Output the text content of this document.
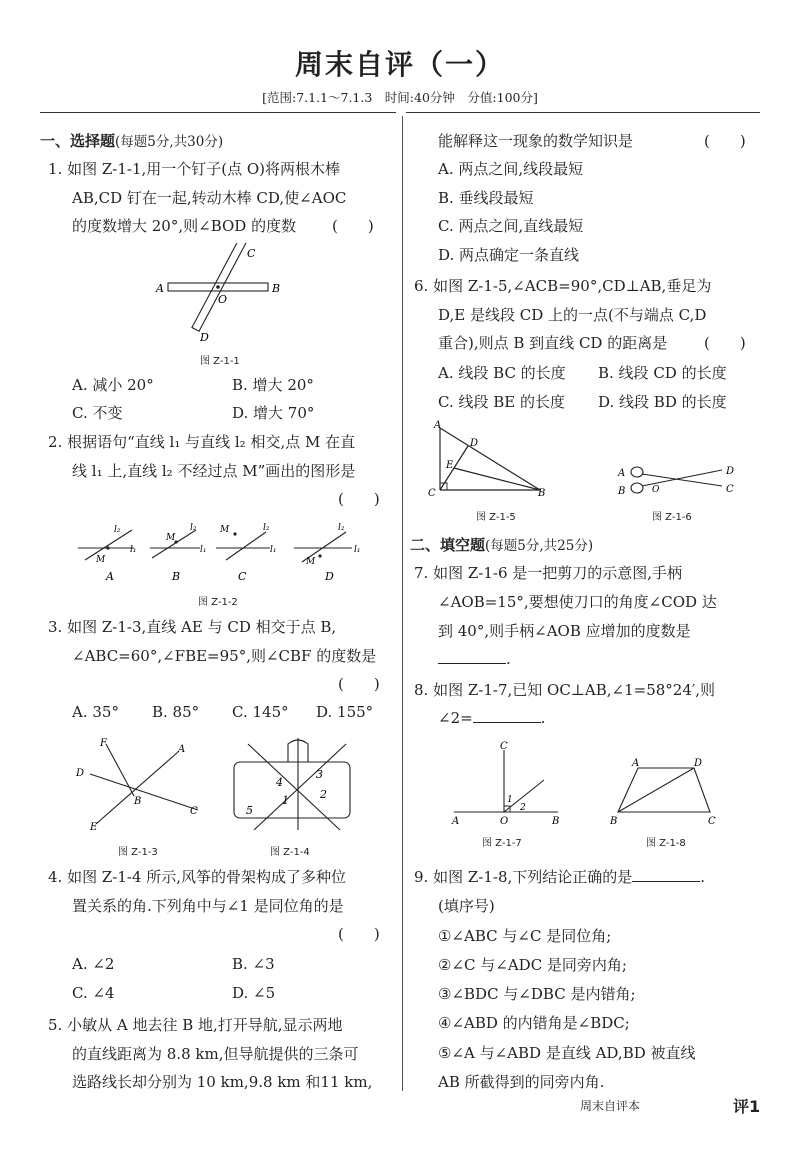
周末自评（一）
[范围:7.1.1～7.1.3　时间:40分钟　分值:100分]
一、选择题(每题5分,共30分)
1. 如图 Z-1-1,用一个钉子(点 O)将两根木棒
AB,CD 钉在一起,转动木棒 CD,使∠AOC
的度数增大 20°,则∠BOD 的度数 (　　)
A	B
C
D
O
图 Z-1-1
A. 减小 20°	B. 增大 20°
C. 不变	D. 增大 70°
2. 根据语句“直线 l₁ 与直线 l₂ 相交,点 M 在直
线 l₁ 上,直线 l₂ 不经过点 M”画出的图形是
(　　)
l₂
l₁
M
A
l₂
l₁
M
B
M	l₂
l₁
C
l₂
l₁
M
D
图 Z-1-2
3. 如图 Z-1-3,直线 AE 与 CD 相交于点 B,
∠ABC=60°,∠FBE=95°,则∠CBF 的度数是
(　　)
A. 35° B. 85° C. 145° D. 155°
F
A
D
B
C
E
4
3
2
1
5
图 Z-1-3	图 Z-1-4
4. 如图 Z-1-4 所示,风筝的骨架构成了多种位
置关系的角.下列角中与∠1 是同位角的是
(　　)
A. ∠2	B. ∠3
C. ∠4	D. ∠5
5. 小敏从 A 地去往 B 地,打开导航,显示两地
的直线距离为 8.8 km,但导航提供的三条可
选路线长却分别为 10 km,9.8 km 和11 km,
能解释这一现象的数学知识是	(　　)
A. 两点之间,线段最短
B. 垂线段最短
C. 两点之间,直线最短
D. 两点确定一条直线
6. 如图 Z-1-5,∠ACB=90°,CD⊥AB,垂足为
D,E 是线段 CD 上的一点(不与端点 C,D
重合),则点 B 到直线 CD 的距离是 (　　)
A. 线段 BC 的长度 B. 线段 CD 的长度
C. 线段 BE 的长度 D. 线段 BD 的长度
A
D
E
C	B
图 Z-1-5
A
B	O
D
C
图 Z-1-6
二、填空题(每题5分,共25分)
7. 如图 Z-1-6 是一把剪刀的示意图,手柄
∠AOB=15°,要想使刀口的角度∠COD 达
到 40°,则手柄∠AOB 应增加的度数是
.
8. 如图 Z-1-7,已知 OC⊥AB,∠1=58°24′,则
∠2=	.
C
A	O	B
1
2
图 Z-1-7
A	D
B	C
图 Z-1-8
9. 如图 Z-1-8,下列结论正确的是	.
(填序号)
①∠ABC 与∠C 是同位角;
②∠C 与∠ADC 是同旁内角;
③∠BDC 与∠DBC 是内错角;
④∠ABD 的内错角是∠BDC;
⑤∠A 与∠ABD 是直线 AD,BD 被直线
AB 所截得到的同旁内角.
周末自评本	评1
